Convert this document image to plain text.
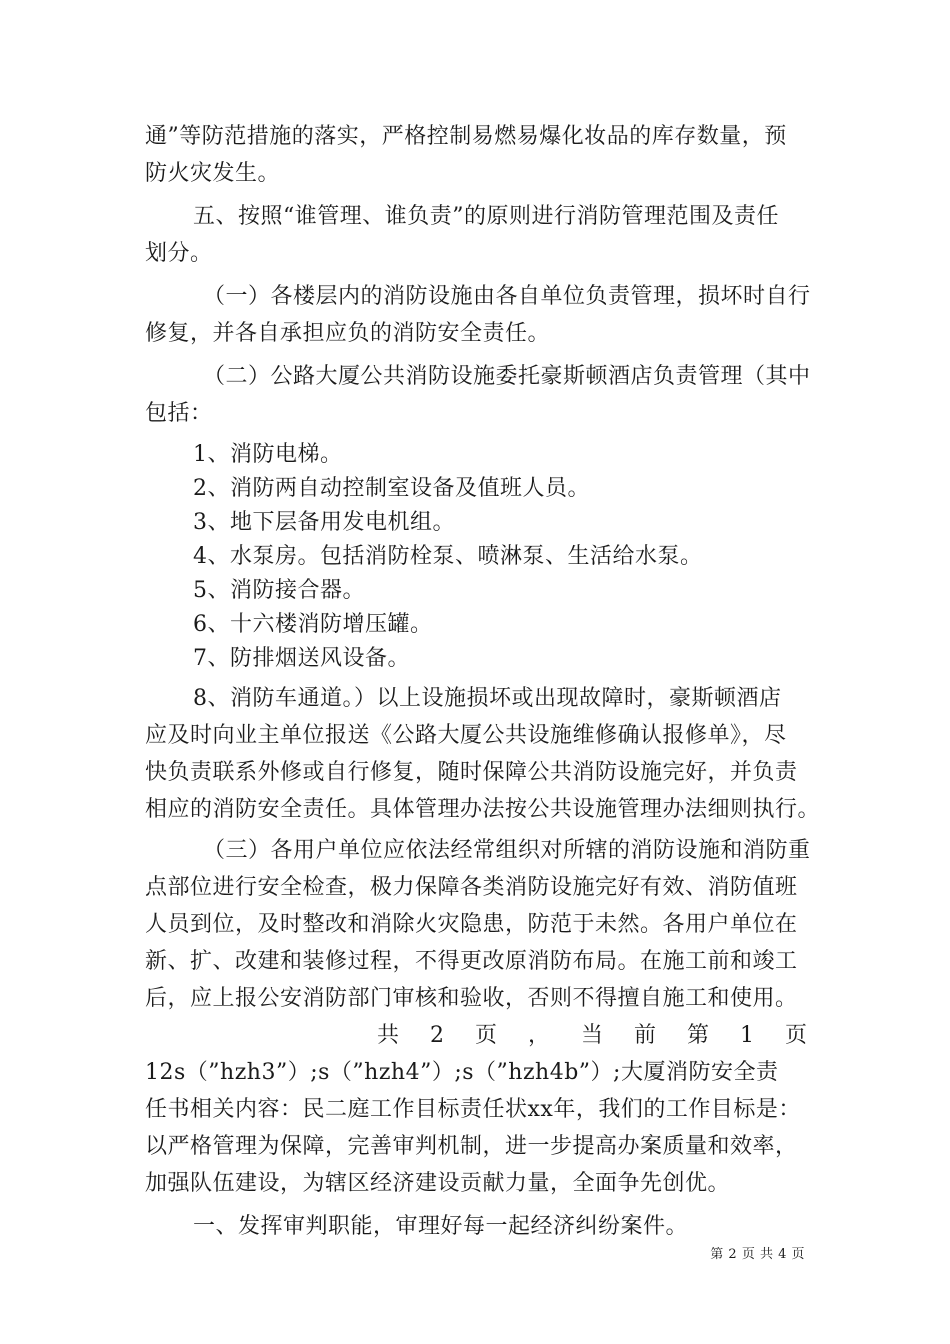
通”等防范措施的落实，严格控制易燃易爆化妆品的库存数量，预
防火灾发生。
五、按照“谁管理、谁负责”的原则进行消防管理范围及责任
划分。
（一）各楼层内的消防设施由各自单位负责管理，损坏时自行
修复，并各自承担应负的消防安全责任。
（二）公路大厦公共消防设施委托豪斯顿酒店负责管理（其中
包括：
1、消防电梯。
2、消防两自动控制室设备及值班人员。
3、地下层备用发电机组。
4、水泵房。包括消防栓泵、喷淋泵、生活给水泵。
5、消防接合器。
6、十六楼消防增压罐。
7、防排烟送风设备。
8、消防车通道。）以上设施损坏或出现故障时，豪斯顿酒店
应及时向业主单位报送《公路大厦公共设施维修确认报修单》，尽
快负责联系外修或自行修复，随时保障公共消防设施完好，并负责
相应的消防安全责任。具体管理办法按公共设施管理办法细则执行。
（三）各用户单位应依法经常组织对所辖的消防设施和消防重
点部位进行安全检查，极力保障各类消防设施完好有效、消防值班
人员到位，及时整改和消除火灾隐患，防范于未然。各用户单位在
新、扩、改建和装修过程，不得更改原消防布局。在施工前和竣工
后，应上报公安消防部门审核和验收，否则不得擅自施工和使用。
共 2 页 ， 当 前 第 1 页
12s（”hzh3”）;s（”hzh4”）;s（”hzh4b”）;大厦消防安全责
任书相关内容：民二庭工作目标责任状xx年，我们的工作目标是：
以严格管理为保障，完善审判机制，进一步提高办案质量和效率，
加强队伍建设，为辖区经济建设贡献力量，全面争先创优。
一、发挥审判职能，审理好每一起经济纠纷案件。
第 2 页 共 4 页
